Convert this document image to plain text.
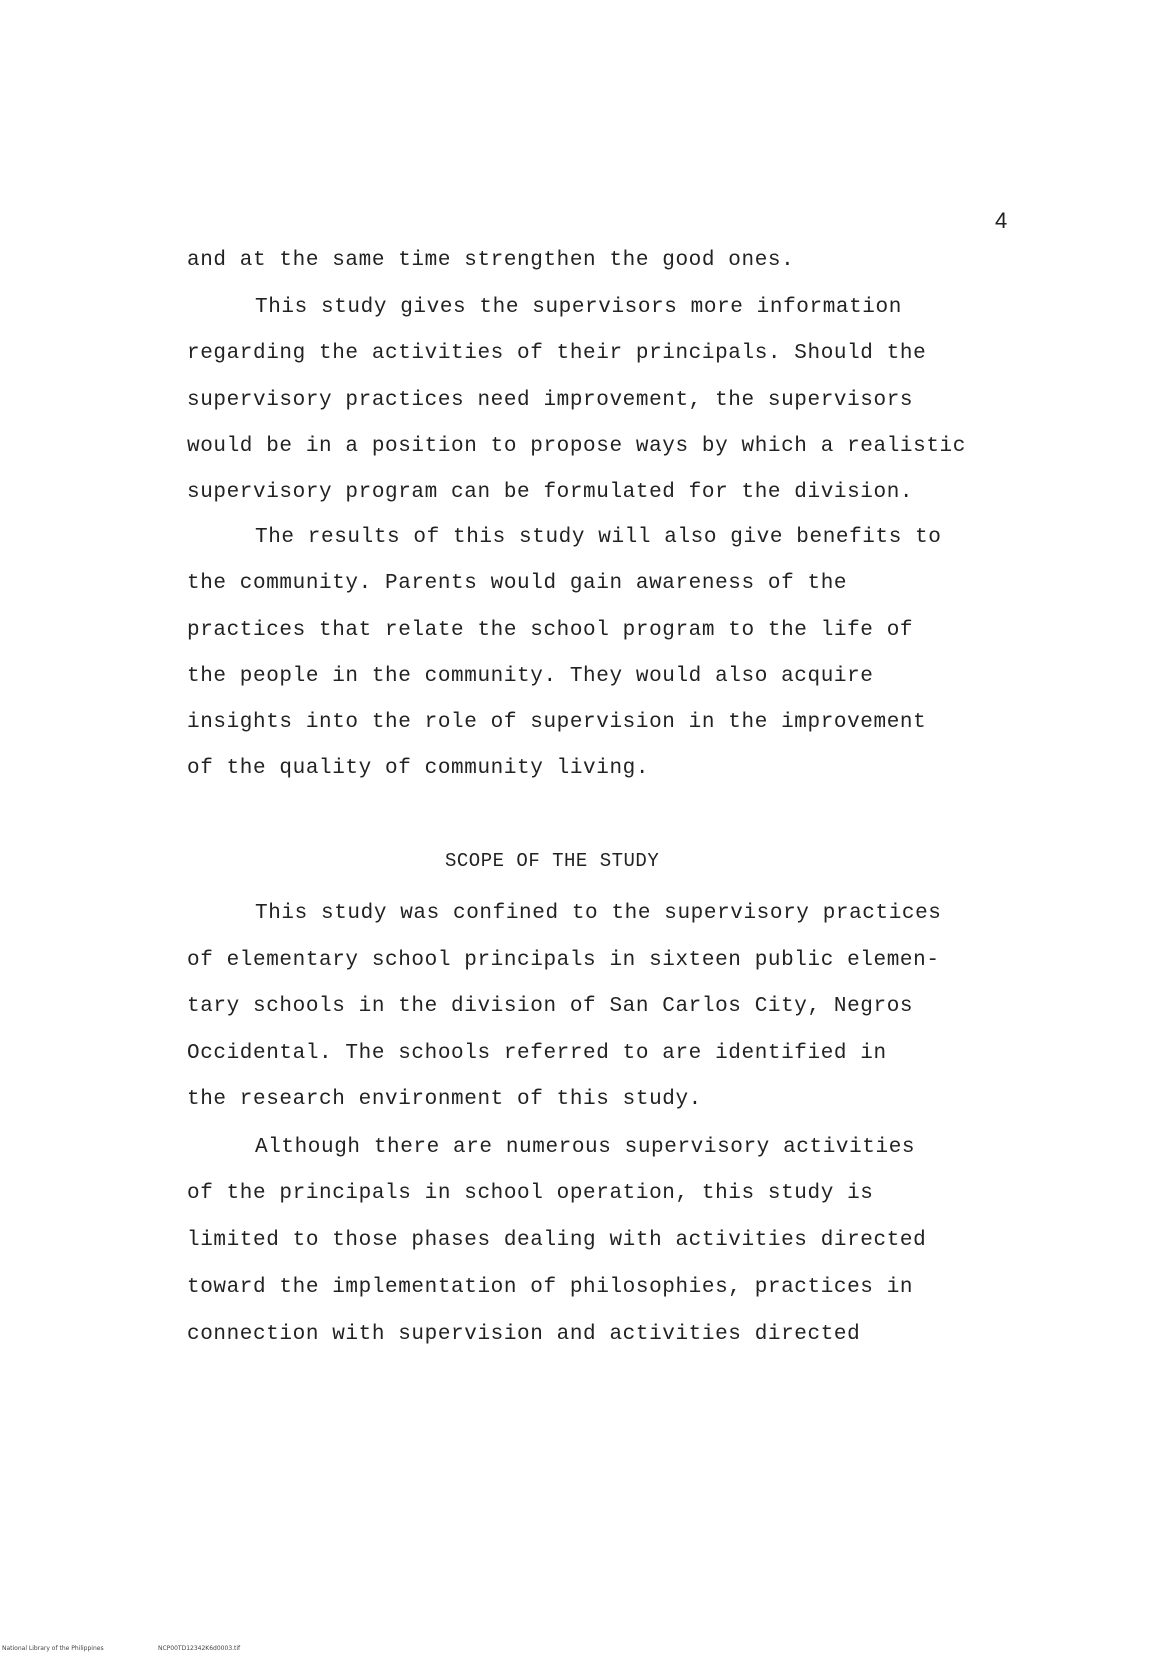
4
and at the same time strengthen the good ones.
This study gives the supervisors more information
regarding the activities of their principals. Should the
supervisory practices need improvement, the supervisors
would be in a position to propose ways by which a realistic
supervisory program can be formulated for the division.
The results of this study will also give benefits to
the community. Parents would gain awareness of the
practices that relate the school program to the life of
the people in the community. They would also acquire
insights into the role of supervision in the improvement
of the quality of community living.
SCOPE OF THE STUDY
This study was confined to the supervisory practices
of elementary school principals in sixteen public elemen-
tary schools in the division of San Carlos City, Negros
Occidental. The schools referred to are identified in
the research environment of this study.
Although there are numerous supervisory activities
of the principals in school operation, this study is
limited to those phases dealing with activities directed
toward the implementation of philosophies, practices in
connection with supervision and activities directed
National Library of the Philippines	NCP00TD12342K6d0003.tif
